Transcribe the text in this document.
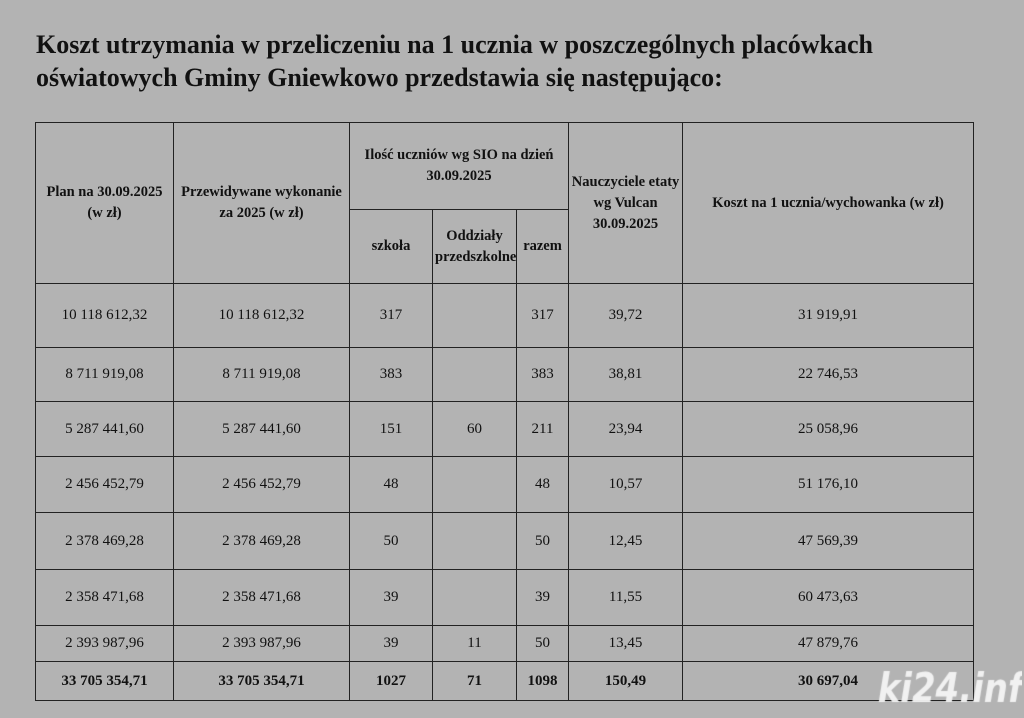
Koszt utrzymania w przeliczeniu na 1 ucznia w poszczególnych placówkach
oświatowych Gminy Gniewkowo przedstawia się następująco:
Plan na 30.09.2025 (w zł)	Przewidywane wykonanie za 2025 (w zł)	Ilość uczniów wg SIO na dzień 30.09.2025			Nauczyciele etaty wg Vulcan 30.09.2025	Koszt na 1 ucznia/wychowanka (w zł)
		szkoła	Oddziały przedszkolne	razem		
10 118 612,32	10 118 612,32	317		317	39,72	31 919,91
8 711 919,08	8 711 919,08	383		383	38,81	22 746,53
5 287 441,60	5 287 441,60	151	60	211	23,94	25 058,96
2 456 452,79	2 456 452,79	48		48	10,57	51 176,10
2 378 469,28	2 378 469,28	50		50	12,45	47 569,39
2 358 471,68	2 358 471,68	39		39	11,55	60 473,63
2 393 987,96	2 393 987,96	39	11	50	13,45	47 879,76
33 705 354,71	33 705 354,71	1027	71	1098	150,49	30 697,04
